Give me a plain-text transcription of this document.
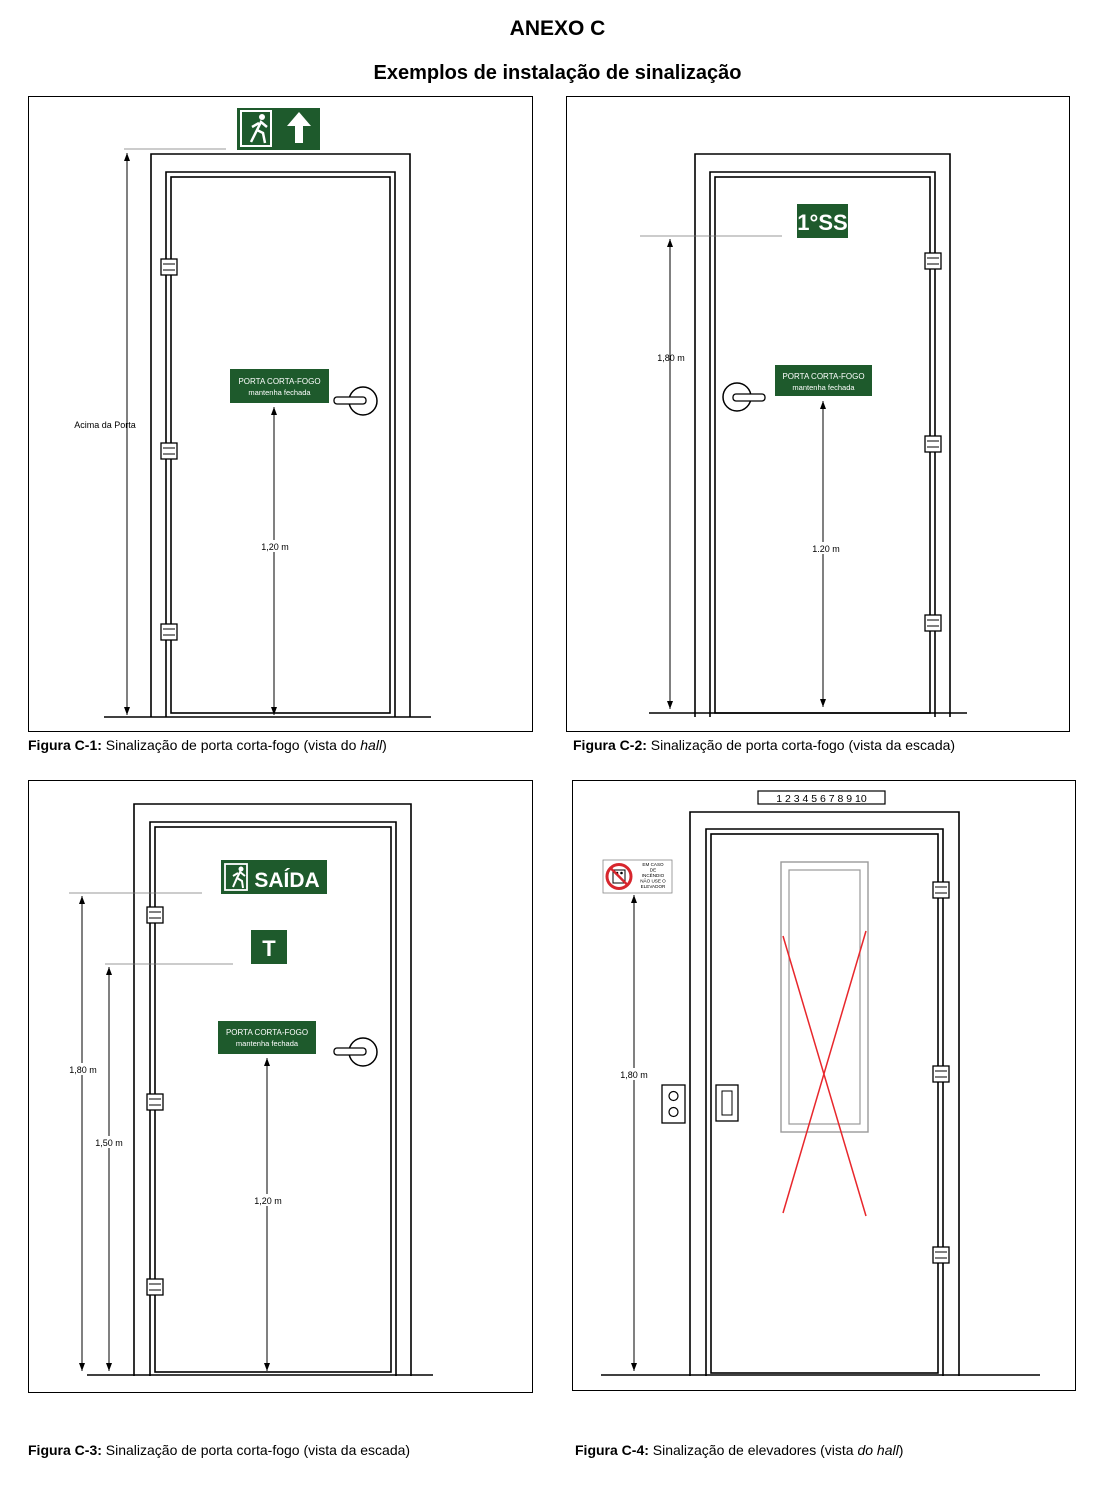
ANEXO C
Exemplos de instalação de sinalização
PORTA CORTA-FOGO
mantenha fechada
Acima da Porta
1,20 m
Figura C-1: Sinalização de porta corta-fogo (vista do hall)
1°SS
PORTA CORTA-FOGO
mantenha fechada
1,80 m
1.20 m
Figura C-2: Sinalização de porta corta-fogo (vista da escada)
SAÍDA
T
PORTA CORTA-FOGO
mantenha fechada
1,80 m
1,50 m
1,20 m
Figura C-3: Sinalização de porta corta-fogo (vista da escada)
1 2 3 4 5 6 7 8 9 10
EM CASO
DE
INCÊNDIO
NÃO USE O
ELEVADOR
1,80 m
Figura C-4: Sinalização de elevadores (vista do hall)
